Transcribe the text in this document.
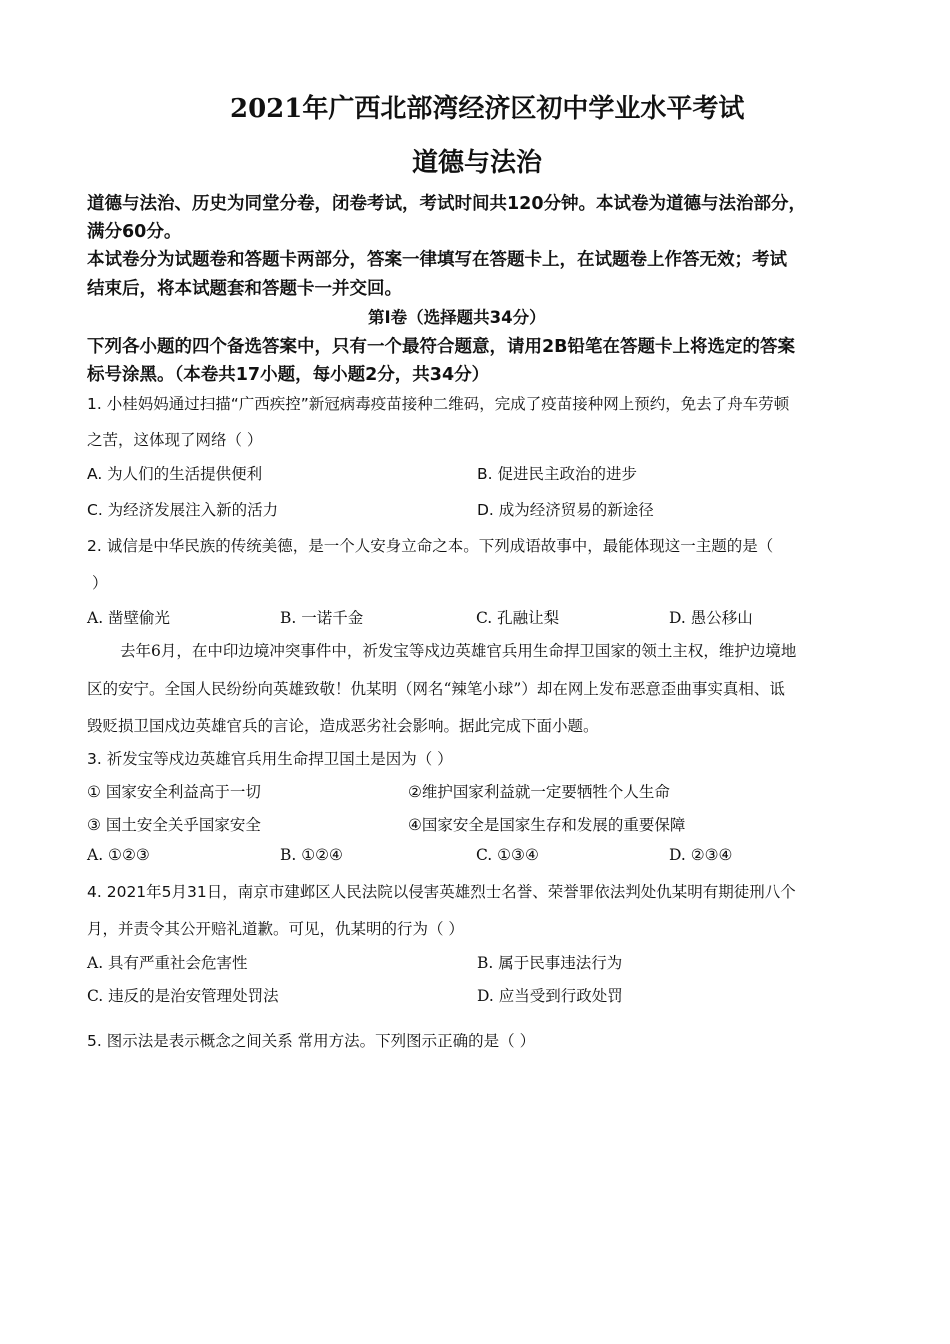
2021年广西北部湾经济区初中学业水平考试
道德与法治
道德与法治、历史为同堂分卷，闭卷考试，考试时间共120分钟。本试卷为道德与法治部分，
满分60分。
本试卷分为试题卷和答题卡两部分，答案一律填写在答题卡上，在试题卷上作答无效；考试
结束后，将本试题套和答题卡一并交回。
第Ⅰ卷（选择题共34分）
下列各小题的四个备选答案中，只有一个最符合题意，请用2B铅笔在答题卡上将选定的答案
标号涂黑。（本卷共17小题，每小题2分，共34分）
1. 小桂妈妈通过扫描“广西疾控”新冠病毒疫苗接种二维码，完成了疫苗接种网上预约，免去了舟车劳顿
之苦，这体现了网络（ ）
A. 为人们的生活提供便利	B. 促进民主政治的进步
C. 为经济发展注入新的活力	D. 成为经济贸易的新途径
2. 诚信是中华民族的传统美德，是一个人安身立命之本。下列成语故事中，最能体现这一主题的是（
）
A. 凿壁偷光	B. 一诺千金	C. 孔融让梨	D. 愚公移山
去年6月，在中印边境冲突事件中，祈发宝等戍边英雄官兵用生命捍卫国家的领土主权，维护边境地
区的安宁。全国人民纷纷向英雄致敬！仇某明（网名“辣笔小球”）却在网上发布恶意歪曲事实真相、诋
毁贬损卫国戍边英雄官兵的言论，造成恶劣社会影响。据此完成下面小题。
3. 祈发宝等戍边英雄官兵用生命捍卫国土是因为（ ）
① 国家安全利益高于一切	②维护国家利益就一定要牺牲个人生命
③ 国土安全关乎国家安全	④国家安全是国家生存和发展的重要保障
A. ①②③	B. ①②④	C. ①③④	D. ②③④
4. 2021年5月31日，南京市建邺区人民法院以侵害英雄烈士名誉、荣誉罪依法判处仇某明有期徒刑八个
月，并责令其公开赔礼道歉。可见，仇某明的行为（ ）
A. 具有严重社会危害性	B. 属于民事违法行为
C. 违反的是治安管理处罚法	D. 应当受到行政处罚
5. 图示法是表示概念之间关系 常用方法。下列图示正确的是（ ）
